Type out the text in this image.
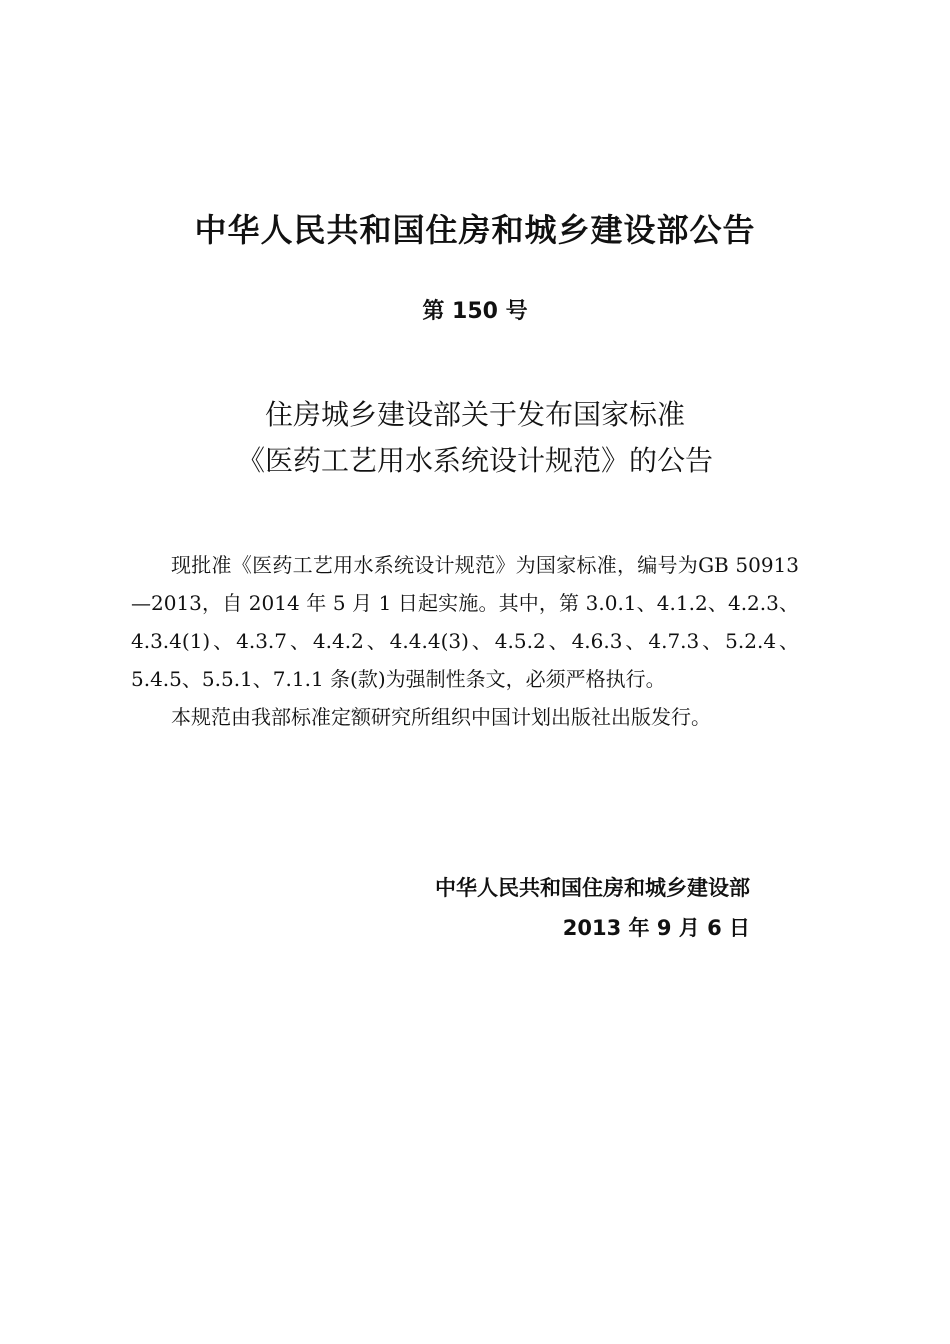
中华人民共和国住房和城乡建设部公告
第 150 号
住房城乡建设部关于发布国家标准
《医药工艺用水系统设计规范》的公告

现批准《医药工艺用水系统设计规范》为国家标准，编号为GB 50913—2013，自 2014 年 5 月 1 日起实施。其中，第 3.0.1、4.1.2、4.2.3、4.3.4(1)、4.3.7、4.4.2、4.4.4(3)、4.5.2、4.6.3、4.7.3、5.2.4、5.4.5、5.5.1、7.1.1 条(款)为强制性条文，必须严格执行。

本规范由我部标准定额研究所组织中国计划出版社出版发行。

中华人民共和国住房和城乡建设部
2013 年 9 月 6 日
